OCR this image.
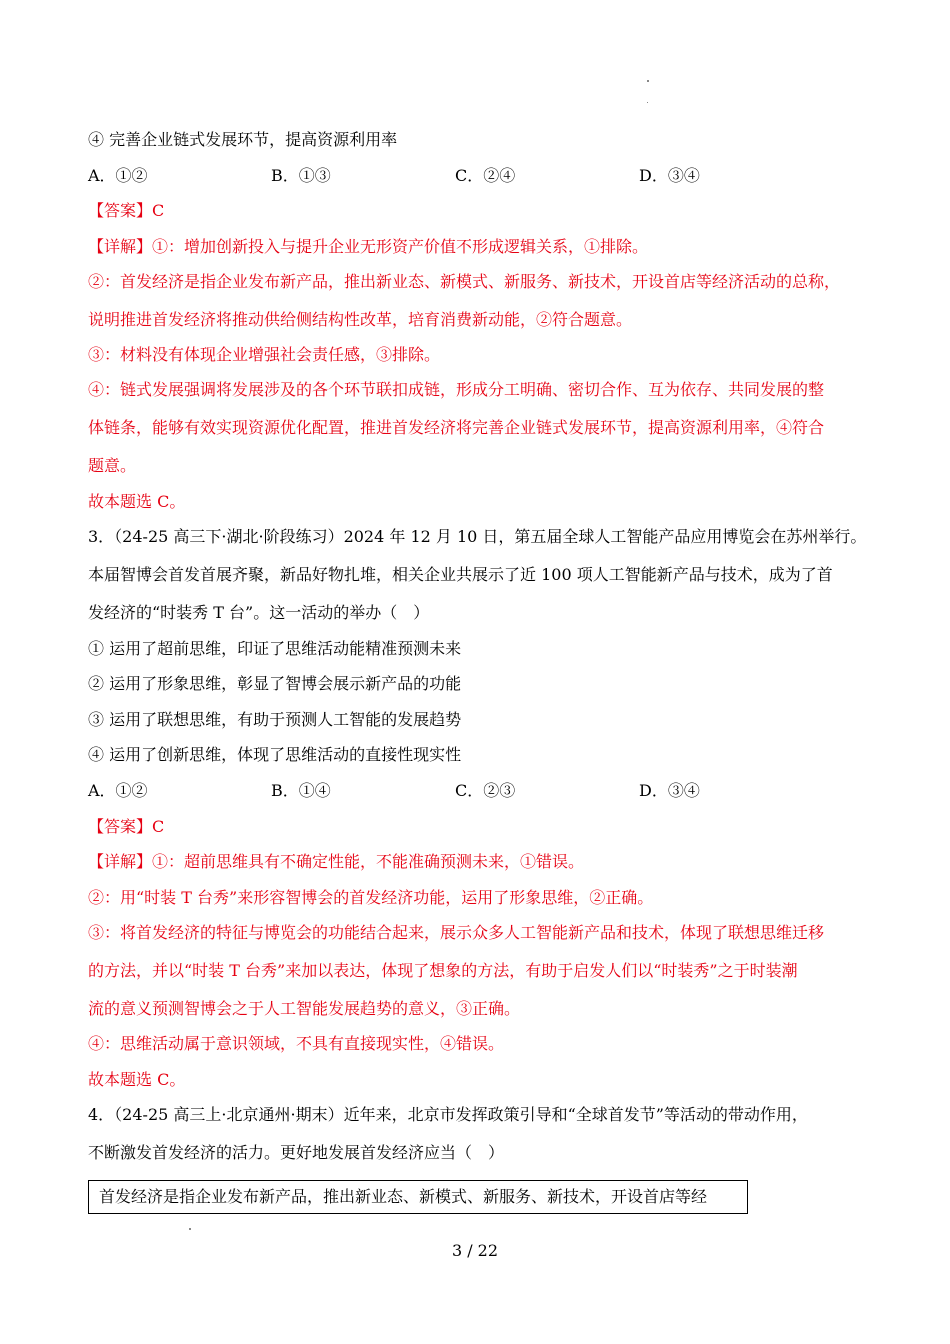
④ 完善企业链式发展环节，提高资源利用率
A．①②	B．①③	C．②④	D．③④
【答案】C
【详解】①：增加创新投入与提升企业无形资产价值不形成逻辑关系，①排除。
②：首发经济是指企业发布新产品，推出新业态、新模式、新服务、新技术，开设首店等经济活动的总称，
说明推进首发经济将推动供给侧结构性改革，培育消费新动能，②符合题意。
③：材料没有体现企业增强社会责任感，③排除。
④：链式发展强调将发展涉及的各个环节联扣成链，形成分工明确、密切合作、互为依存、共同发展的整
体链条，能够有效实现资源优化配置，推进首发经济将完善企业链式发展环节，提高资源利用率，④符合
题意。
故本题选 C。
3．（24-25 高三下·湖北·阶段练习）2024 年 12 月 10 日，第五届全球人工智能产品应用博览会在苏州举行。
本届智博会首发首展齐聚，新品好物扎堆，相关企业共展示了近 100 项人工智能新产品与技术，成为了首
发经济的“时装秀 T 台”。这一活动的举办（　）
① 运用了超前思维，印证了思维活动能精准预测未来
② 运用了形象思维，彰显了智博会展示新产品的功能
③ 运用了联想思维，有助于预测人工智能的发展趋势
④ 运用了创新思维，体现了思维活动的直接性现实性
A．①②	B．①④	C．②③	D．③④
【答案】C
【详解】①：超前思维具有不确定性能，不能准确预测未来，①错误。
②：用“时装 T 台秀”来形容智博会的首发经济功能，运用了形象思维，②正确。
③：将首发经济的特征与博览会的功能结合起来，展示众多人工智能新产品和技术，体现了联想思维迁移
的方法，并以“时装 T 台秀”来加以表达，体现了想象的方法，有助于启发人们以“时装秀”之于时装潮
流的意义预测智博会之于人工智能发展趋势的意义，③正确。
④：思维活动属于意识领域，不具有直接现实性，④错误。
故本题选 C。
4．（24-25 高三上·北京通州·期末）近年来，北京市发挥政策引导和“全球首发节”等活动的带动作用，
不断激发首发经济的活力。更好地发展首发经济应当（　）
首发经济是指企业发布新产品，推出新业态、新模式、新服务、新技术，开设首店等经
3 / 22
